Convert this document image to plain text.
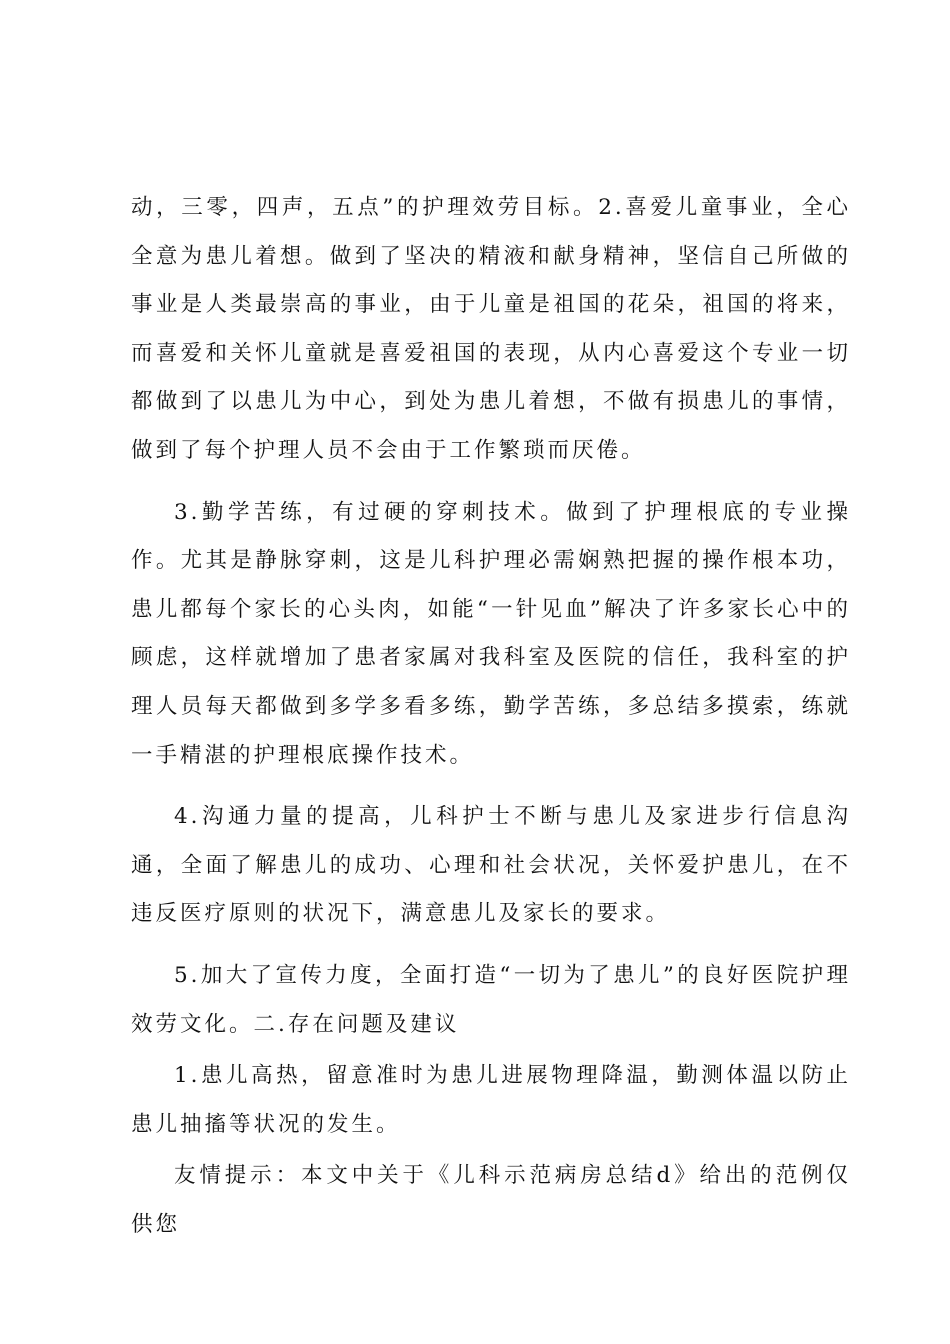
动，三零，四声，五点”的护理效劳目标。2.喜爱儿童事业，全心全意为患儿着想。做到了坚决的精液和献身精神，坚信自己所做的事业是人类最崇高的事业，由于儿童是祖国的花朵，祖国的将来，而喜爱和关怀儿童就是喜爱祖国的表现，从内心喜爱这个专业一切都做到了以患儿为中心，到处为患儿着想，不做有损患儿的事情，做到了每个护理人员不会由于工作繁琐而厌倦。

3.勤学苦练，有过硬的穿刺技术。做到了护理根底的专业操作。尤其是静脉穿刺，这是儿科护理必需娴熟把握的操作根本功，患儿都每个家长的心头肉，如能“一针见血”解决了许多家长心中的顾虑，这样就增加了患者家属对我科室及医院的信任，我科室的护理人员每天都做到多学多看多练，勤学苦练，多总结多摸索，练就一手精湛的护理根底操作技术。

4.沟通力量的提高，儿科护士不断与患儿及家进步行信息沟通，全面了解患儿的成功、心理和社会状况，关怀爱护患儿，在不违反医疗原则的状况下，满意患儿及家长的要求。

5.加大了宣传力度，全面打造“一切为了患儿”的良好医院护理效劳文化。二.存在问题及建议

1.患儿高热，留意准时为患儿进展物理降温，勤测体温以防止患儿抽搐等状况的发生。

友情提示：本文中关于《儿科示范病房总结d》给出的范例仅供您
